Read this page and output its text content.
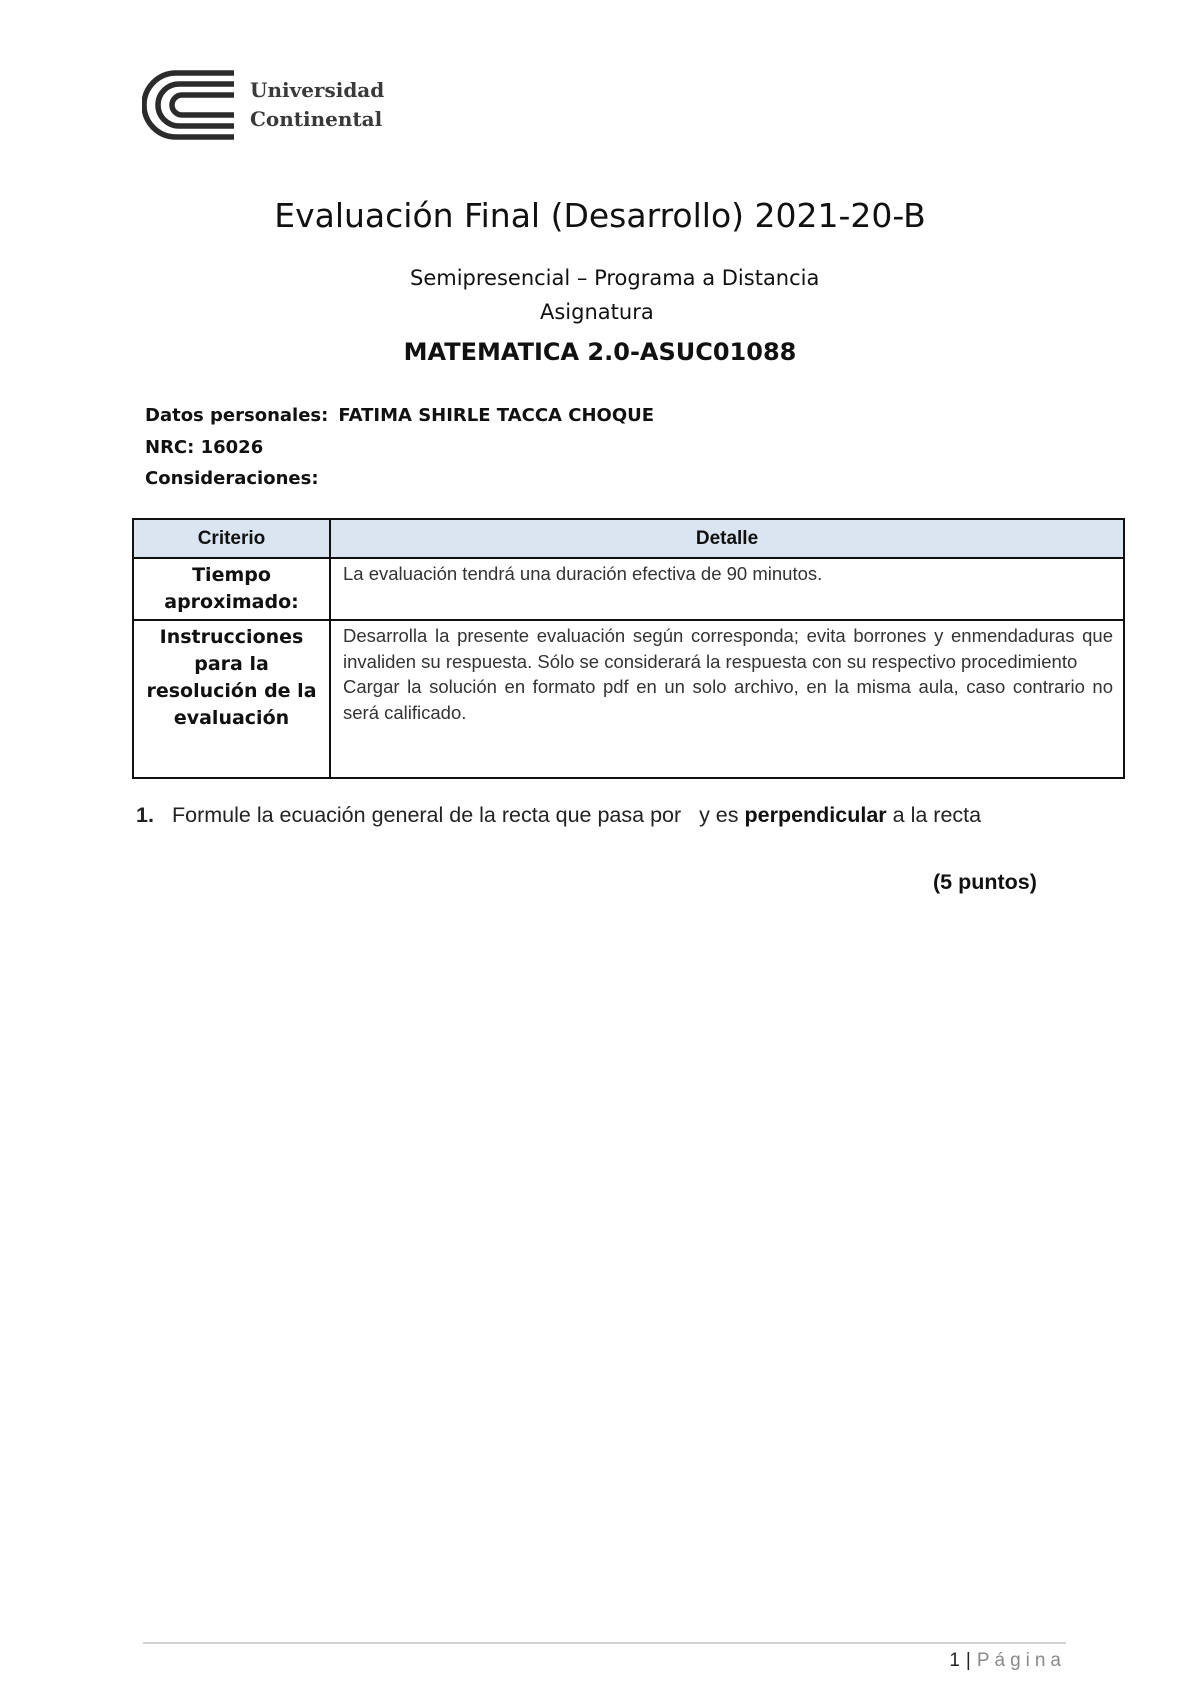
Universidad
Continental
Evaluación Final (Desarrollo) 2021-20-B
Semipresencial – Programa a Distancia
Asignatura
MATEMATICA 2.0-ASUC01088
Datos personales: FATIMA SHIRLE TACCA CHOQUE
NRC: 16026
Consideraciones:
Criterio	Detalle
Tiempo aproximado:	La evaluación tendrá una duración efectiva de 90 minutos.
Instrucciones para la resolución de la evaluación	Desarrolla la presente evaluación según corresponda; evita borrones y enmendaduras que invaliden su respuesta. Sólo se considerará la respuesta con su respectivo procedimiento
Cargar la solución en formato pdf en un solo archivo, en la misma aula, caso contrario no será calificado.
1. Formule la ecuación general de la recta que pasa por   y es perpendicular a la recta
(5 puntos)
1 | Página
